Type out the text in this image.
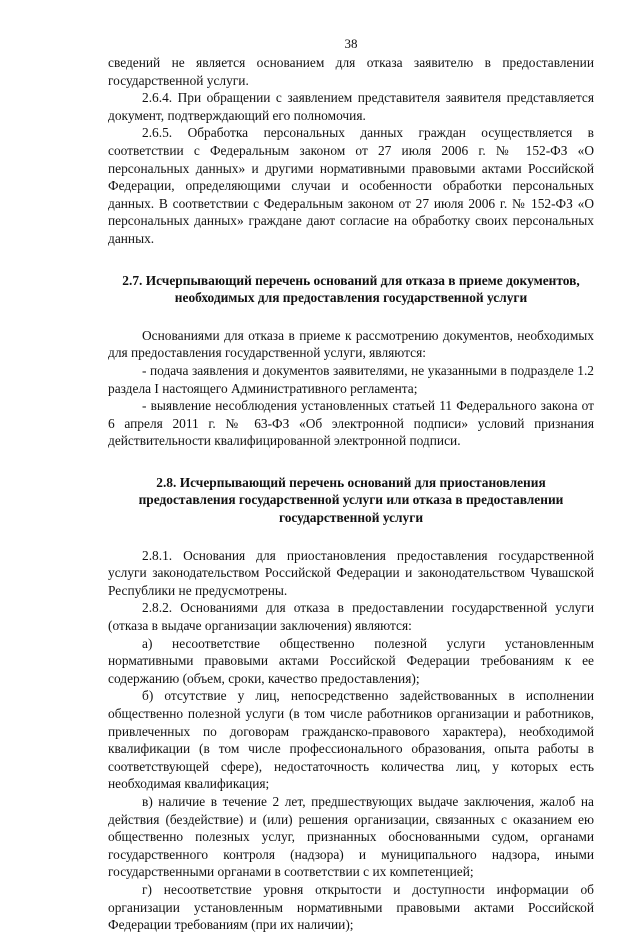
38

сведений не является основанием для отказа заявителю в предоставлении государственной услуги.

2.6.4. При обращении с заявлением представителя заявителя представляется документ, подтверждающий его полномочия.

2.6.5. Обработка персональных данных граждан осуществляется в соответствии с Федеральным законом от 27 июля 2006 г. № 152-ФЗ «О персональных данных» и другими нормативными правовыми актами Российской Федерации, определяющими случаи и особенности обработки персональных данных. В соответствии с Федеральным законом от 27 июля 2006 г. № 152-ФЗ «О персональных данных» граждане дают согласие на обработку своих персональных данных.

2.7. Исчерпывающий перечень оснований для отказа в приеме документов, необходимых для предоставления государственной услуги

Основаниями для отказа в приеме к рассмотрению документов, необходимых для предоставления государственной услуги, являются:

- подача заявления и документов заявителями, не указанными в подразделе 1.2 раздела I настоящего Административного регламента;

- выявление несоблюдения установленных статьей 11 Федерального закона от 6 апреля 2011 г. № 63-ФЗ «Об электронной подписи» условий признания действительности квалифицированной электронной подписи.

2.8. Исчерпывающий перечень оснований для приостановления предоставления государственной услуги или отказа в предоставлении государственной услуги

2.8.1. Основания для приостановления предоставления государственной услуги законодательством Российской Федерации и законодательством Чувашской Республики не предусмотрены.

2.8.2. Основаниями для отказа в предоставлении государственной услуги (отказа в выдаче организации заключения) являются:

а) несоответствие общественно полезной услуги установленным нормативными правовыми актами Российской Федерации требованиям к ее содержанию (объем, сроки, качество предоставления);

б) отсутствие у лиц, непосредственно задействованных в исполнении общественно полезной услуги (в том числе работников организации и работников, привлеченных по договорам гражданско-правового характера), необходимой квалификации (в том числе профессионального образования, опыта работы в соответствующей сфере), недостаточность количества лиц, у которых есть необходимая квалификация;

в) наличие в течение 2 лет, предшествующих выдаче заключения, жалоб на действия (бездействие) и (или) решения организации, связанных с оказанием ею общественно полезных услуг, признанных обоснованными судом, органами государственного контроля (надзора) и муниципального надзора, иными государственными органами в соответствии с их компетенцией;

г) несоответствие уровня открытости и доступности информации об организации установленным нормативными правовыми актами Российской Федерации требованиям (при их наличии);
